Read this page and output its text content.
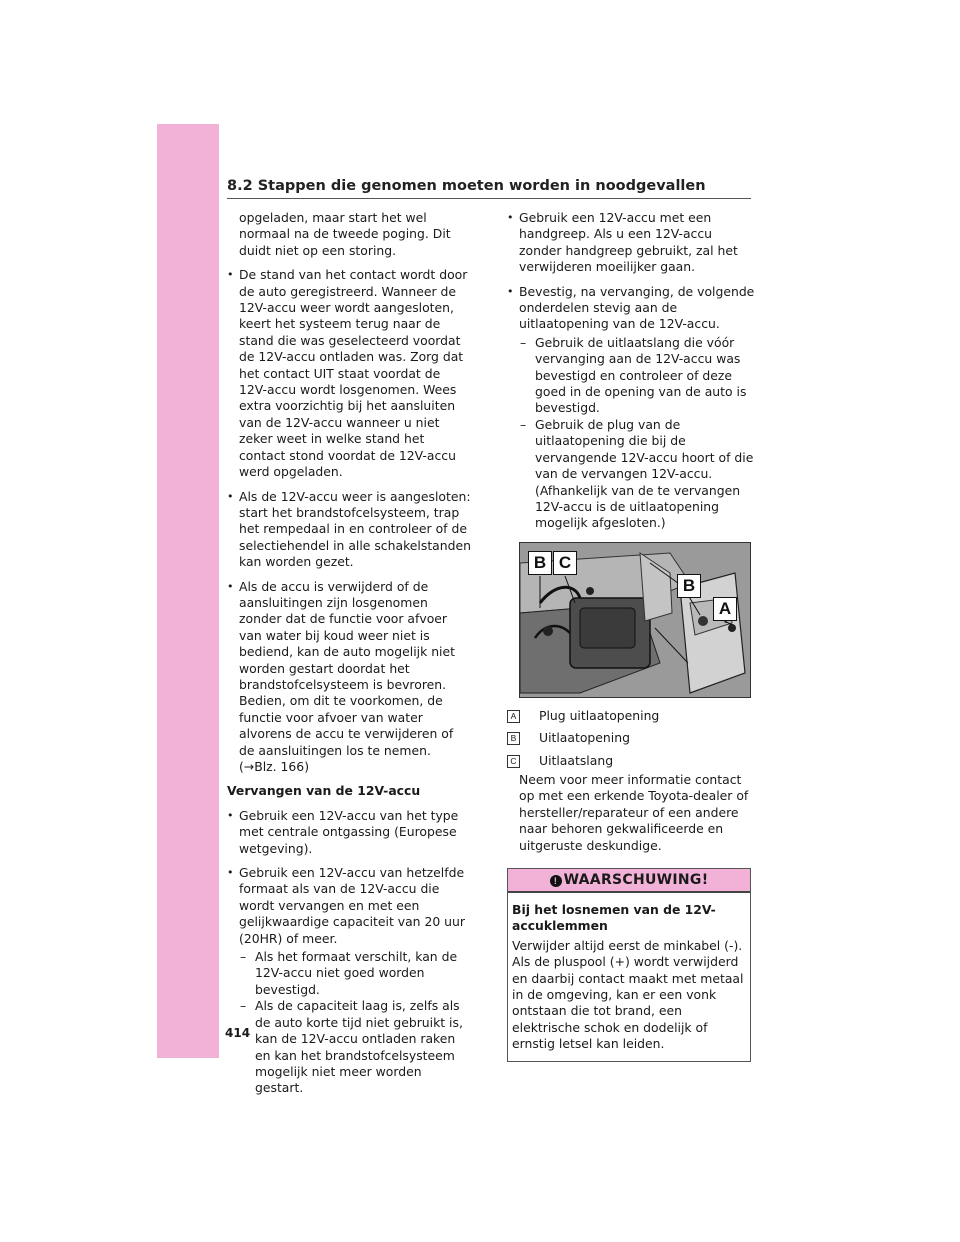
8.2 Stappen die genomen moeten worden in noodgevallen

opgeladen, maar start het wel normaal na de tweede poging. Dit duidt niet op een storing.

• De stand van het contact wordt door de auto geregistreerd. Wanneer de 12V-accu weer wordt aangesloten, keert het systeem terug naar de stand die was geselecteerd voordat de 12V-accu ontladen was. Zorg dat het contact UIT staat voordat de 12V-accu wordt losgenomen. Wees extra voorzichtig bij het aansluiten van de 12V-accu wanneer u niet zeker weet in welke stand het contact stond voordat de 12V-accu werd opgeladen.
• Als de 12V-accu weer is aangesloten: start het brandstofcelsysteem, trap het rempedaal in en controleer of de selectiehendel in alle schakelstanden kan worden gezet.
• Als de accu is verwijderd of de aansluitingen zijn losgenomen zonder dat de functie voor afvoer van water bij koud weer niet is bediend, kan de auto mogelijk niet worden gestart doordat het brandstofcelsysteem is bevroren. Bedien, om dit te voorkomen, de functie voor afvoer van water alvorens de accu te verwijderen of de aansluitingen los te nemen. (→Blz. 166)
Vervangen van de 12V-accu
• Gebruik een 12V-accu van het type met centrale ontgassing (Europese wetgeving).
• Gebruik een 12V-accu van hetzelfde formaat als van de 12V-accu die wordt vervangen en met een gelijkwaardige capaciteit van 20 uur (20HR) of meer.
– Als het formaat verschilt, kan de 12V-accu niet goed worden bevestigd.
– Als de capaciteit laag is, zelfs als de auto korte tijd niet gebruikt is, kan de 12V-accu ontladen raken en kan het brandstofcelsysteem mogelijk niet meer worden gestart.
• Gebruik een 12V-accu met een handgreep. Als u een 12V-accu zonder handgreep gebruikt, zal het verwijderen moeilijker gaan.
• Bevestig, na vervanging, de volgende onderdelen stevig aan de uitlaatopening van de 12V-accu.
– Gebruik de uitlaatslang die vóór vervanging aan de 12V-accu was bevestigd en controleer of deze goed in de opening van de auto is bevestigd.
– Gebruik de plug van de uitlaatopening die bij de vervangende 12V-accu hoort of die van de vervangen 12V-accu. (Afhankelijk van de te vervangen 12V-accu is de uitlaatopening mogelijk afgesloten.)
B C
B
A
A Plug uitlaatopening
B Uitlaatopening
C Uitlaatslang

Neem voor meer informatie contact op met een erkende Toyota-dealer of hersteller/reparateur of een andere naar behoren gekwalificeerde en uitgeruste deskundige.

! WAARSCHUWING!

Bij het losnemen van de 12V-accuklemmen

Verwijder altijd eerst de minkabel (-). Als de pluspool (+) wordt verwijderd en daarbij contact maakt met metaal in de omgeving, kan er een vonk ontstaan die tot brand, een elektrische schok en dodelijk of ernstig letsel kan leiden.

414
